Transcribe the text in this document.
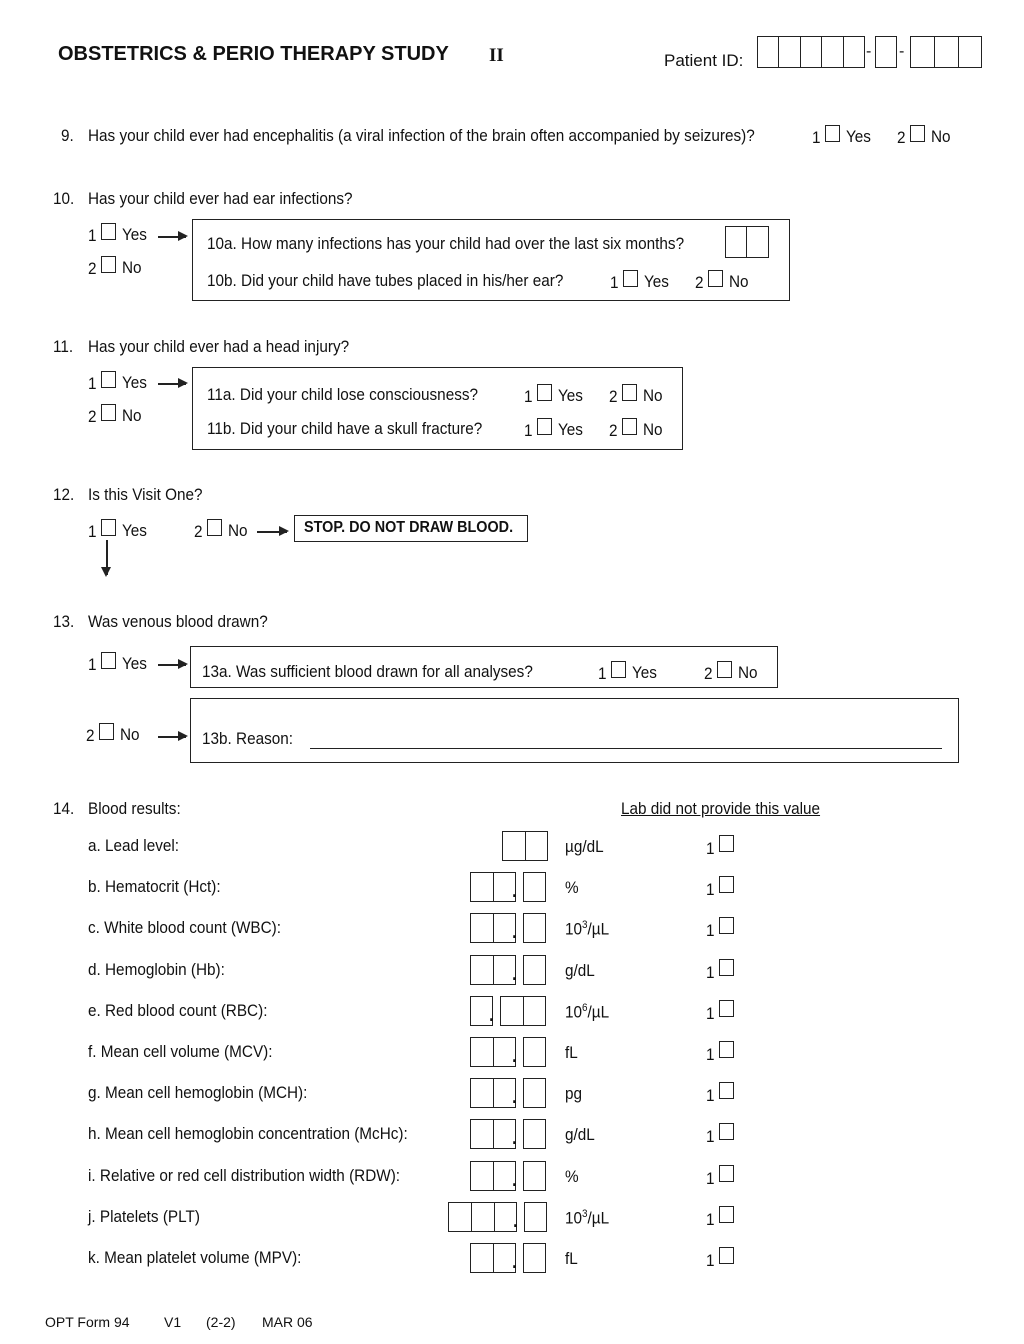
OBSTETRICS & PERIO THERAPY STUDY II	Patient ID:	- -
9. Has your child ever had encephalitis (a viral infection of the brain often accompanied by seizures)?	1 Yes 2 No
10. Has your child ever had ear infections?
1 Yes
2 No
10a. How many infections has your child had over the last six months?
10b. Did your child have tubes placed in his/her ear?	1 Yes 2 No
11. Has your child ever had a head injury?
1 Yes
2 No
11a. Did your child lose consciousness?	1 Yes 2 No
11b. Did your child have a skull fracture? 1 Yes 2 No
12. Is this Visit One?
1 Yes	2 No	STOP. DO NOT DRAW BLOOD.
13. Was venous blood drawn?
1 Yes	13a. Was sufficient blood drawn for all analyses?	1 Yes	2 No
2 No	13b. Reason:
14. Blood results:	Lab did not provide this value
a. Lead level:	µg/dL	1
b. Hematocrit (Hct):	.	%	1
c. White blood count (WBC):	.	$10^3/\mu L$	1
d. Hemoglobin (Hb):	.	g/dL	1
e. Red blood count (RBC):	.	$10^6/\mu L$	1
f. Mean cell volume (MCV):	.	fL	1
g. Mean cell hemoglobin (MCH):	.	pg	1
h. Mean cell hemoglobin concentration (McHc):	.	g/dL	1
i. Relative or red cell distribution width (RDW):	.	%	1
j. Platelets (PLT)	.	$10^3/\mu L$	1
k. Mean platelet volume (MPV):	.	fL	1
OPT Form 94 V1 (2-2) MAR 06
